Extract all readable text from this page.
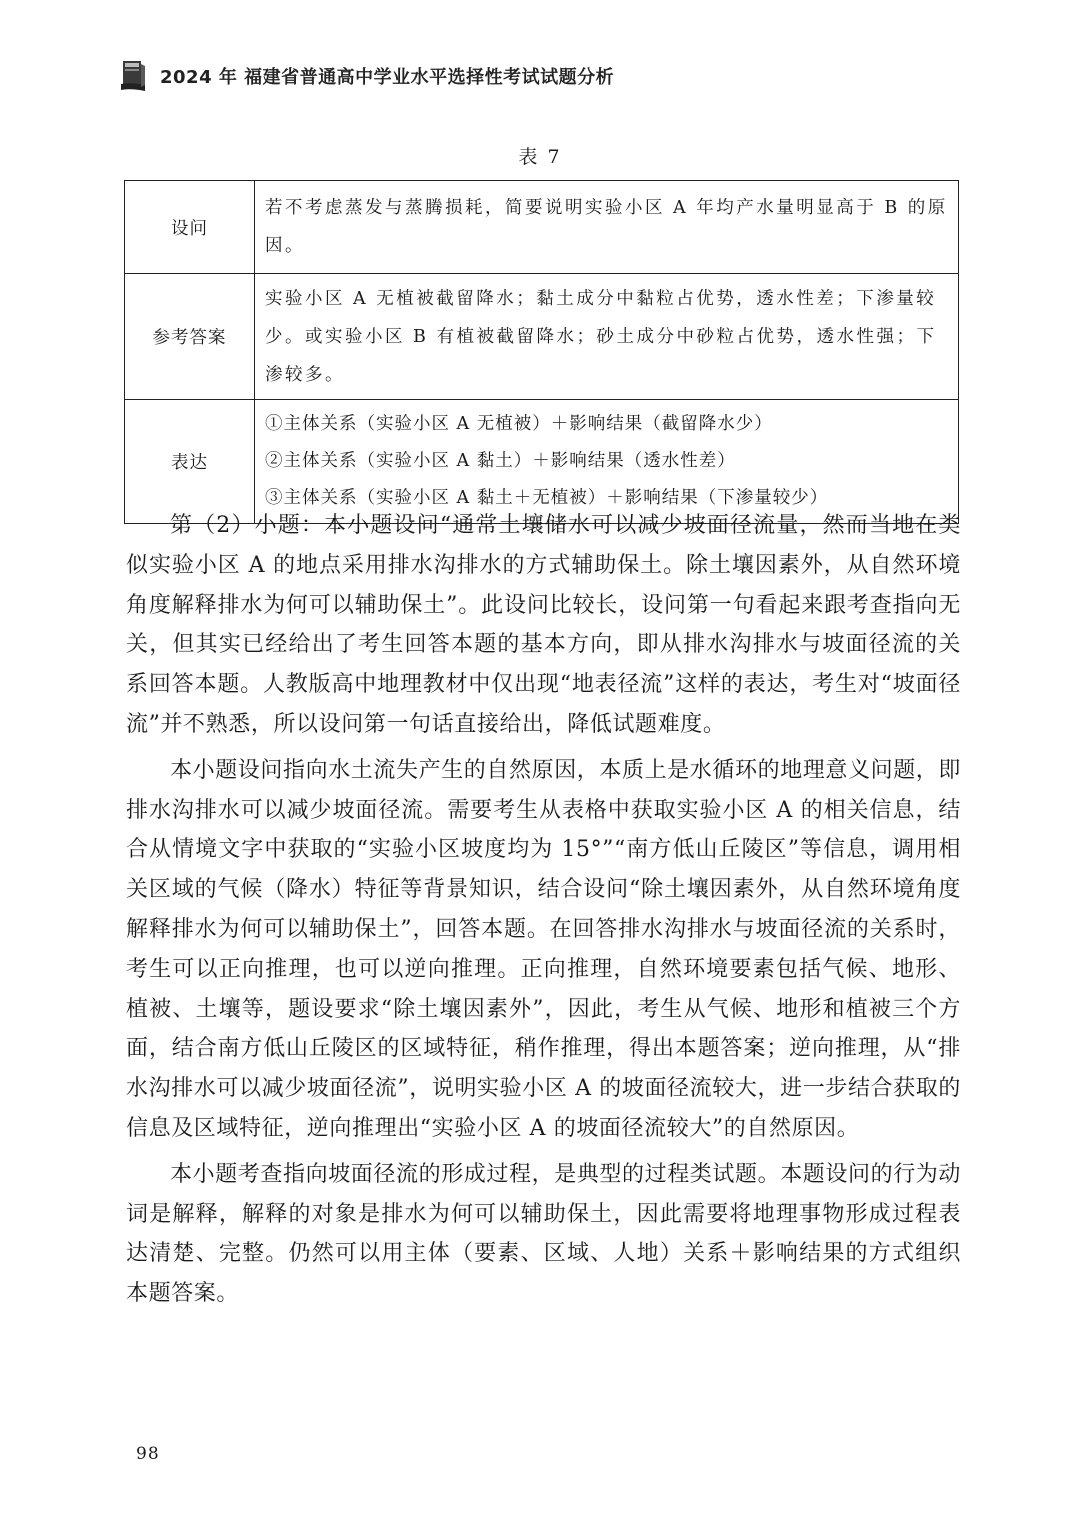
2024 年 福建省普通高中学业水平选择性考试试题分析
表 7
设问	若不考虑蒸发与蒸腾损耗，简要说明实验小区 A 年均产水量明显高于 B 的原因。
参考答案	实验小区 A 无植被截留降水；黏土成分中黏粒占优势，透水性差；下渗量较少。或实验小区 B 有植被截留降水；砂土成分中砂粒占优势，透水性强；下渗较多。
表达	①主体关系（实验小区 A 无植被）＋影响结果（截留降水少）
②主体关系（实验小区 A 黏土）＋影响结果（透水性差）
③主体关系（实验小区 A 黏土＋无植被）＋影响结果（下渗量较少）

第（2）小题：本小题设问“通常土壤储水可以减少坡面径流量，然而当地在类似实验小区 A 的地点采用排水沟排水的方式辅助保土。除土壤因素外，从自然环境角度解释排水为何可以辅助保土”。此设问比较长，设问第一句看起来跟考查指向无关，但其实已经给出了考生回答本题的基本方向，即从排水沟排水与坡面径流的关系回答本题。人教版高中地理教材中仅出现“地表径流”这样的表达，考生对“坡面径流”并不熟悉，所以设问第一句话直接给出，降低试题难度。

本小题设问指向水土流失产生的自然原因，本质上是水循环的地理意义问题，即排水沟排水可以减少坡面径流。需要考生从表格中获取实验小区 A 的相关信息，结合从情境文字中获取的“实验小区坡度均为 15°”“南方低山丘陵区”等信息，调用相关区域的气候（降水）特征等背景知识，结合设问“除土壤因素外，从自然环境角度解释排水为何可以辅助保土”，回答本题。在回答排水沟排水与坡面径流的关系时，考生可以正向推理，也可以逆向推理。正向推理，自然环境要素包括气候、地形、植被、土壤等，题设要求“除土壤因素外”，因此，考生从气候、地形和植被三个方面，结合南方低山丘陵区的区域特征，稍作推理，得出本题答案；逆向推理，从“排水沟排水可以减少坡面径流”，说明实验小区 A 的坡面径流较大，进一步结合获取的信息及区域特征，逆向推理出“实验小区 A 的坡面径流较大”的自然原因。

本小题考查指向坡面径流的形成过程，是典型的过程类试题。本题设问的行为动词是解释，解释的对象是排水为何可以辅助保土，因此需要将地理事物形成过程表达清楚、完整。仍然可以用主体（要素、区域、人地）关系＋影响结果的方式组织本题答案。

98
